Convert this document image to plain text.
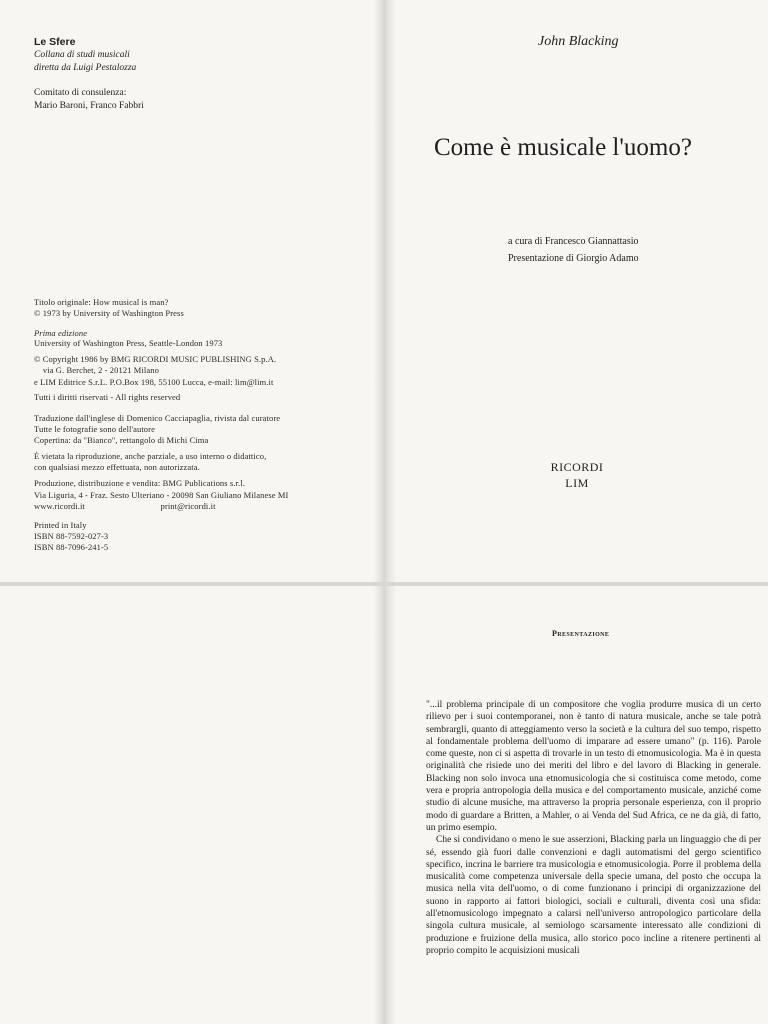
Le Sfere
Collana di studi musicali
diretta da Luigi Pestalozza
Comitato di consulenza:
Mario Baroni, Franco Fabbri
Titolo originale: How musical is man?
© 1973 by University of Washington Press
Prima edizione
University of Washington Press, Seattle-London 1973
© Copyright 1986 by BMG RICORDI MUSIC PUBLISHING S.p.A.
via G. Berchet, 2 - 20121 Milano
e LIM Editrice S.r.L. P.O.Box 198, 55100 Lucca, e-mail: lim@lim.it
Tutti i diritti riservati - All rights reserved
Traduzione dall'inglese di Domenico Cacciapaglia, rivista dal curatore
Tutte le fotografie sono dell'autore
Copertina: da "Bianco", rettangolo di Michi Cima
È vietata la riproduzione, anche parziale, a uso interno o didattico,
con qualsiasi mezzo effettuata, non autorizzata.
Produzione, distribuzione e vendita: BMG Publications s.r.l.
Via Liguria, 4 - Fraz. Sesto Ulteriano - 20098 San Giuliano Milanese MI
www.ricordi.it                                  print@ricordi.it
Printed in Italy
ISBN 88-7592-027-3
ISBN 88-7096-241-5
John Blacking
Come è musicale l'uomo?
a cura di Francesco Giannattasio
Presentazione di Giorgio Adamo
RICORDI
LIM
Presentazione

"...il problema principale di un compositore che voglia produrre musica di un certo rilievo per i suoi contemporanei, non è tanto di natura musicale, anche se tale potrà sembrargli, quanto di atteggiamento verso la società e la cultura del suo tempo, rispetto al fondamentale problema dell'uomo di imparare ad essere umano" (p. 116). Parole come queste, non ci si aspetta di trovarle in un testo di etnomusicologia. Ma è in questa originalità che risiede uno dei meriti del libro e del lavoro di Blacking in generale. Blacking non solo invoca una etnomusicologia che si costituisca come metodo, come vera e propria antropologia della musica e del comportamento musicale, anziché come studio di alcune musiche, ma attraverso la propria personale esperienza, con il proprio modo di guardare a Britten, a Mahler, o ai Venda del Sud Africa, ce ne da già, di fatto, un primo esempio.

Che si condividano o meno le sue asserzioni, Blacking parla un linguaggio che di per sé, essendo già fuori dalle convenzioni e dagli automatismi del gergo scientifico specifico, incrina le barriere tra musicologia e etnomusicologia. Porre il problema della musicalità come competenza universale della specie umana, del posto che occupa la musica nella vita dell'uomo, o di come funzionano i principi di organizzazione del suono in rapporto ai fattori biologici, sociali e culturali, diventa così una sfida: all'etnomusicologo impegnato a calarsi nell'universo antropologico particolare della singola cultura musicale, al semiologo scarsamente interessato alle condizioni di produzione e fruizione della musica, allo storico poco incline a ritenere pertinenti al proprio compito le acquisizioni musicali
